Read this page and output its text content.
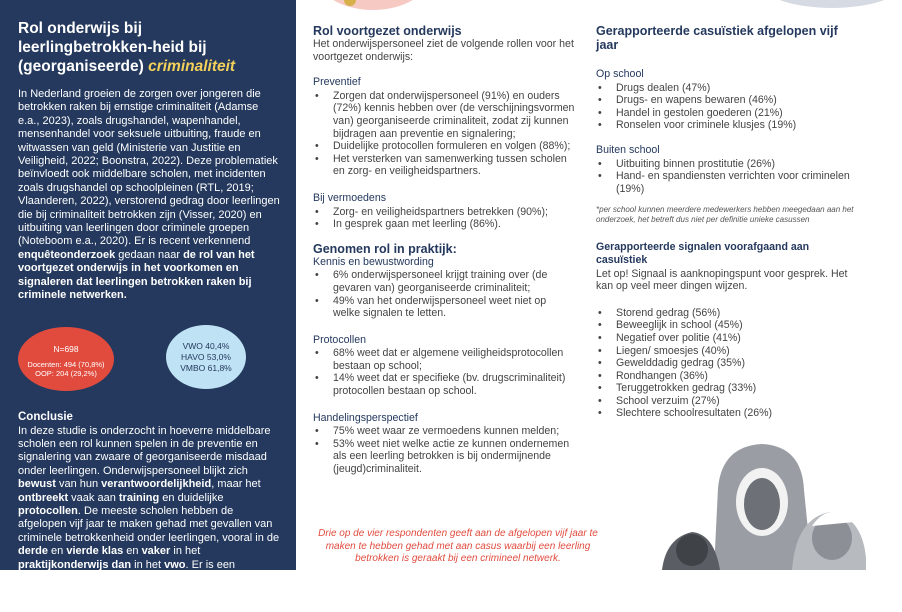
Rol onderwijs bij leerlingbetrokken-heid bij (georganiseerde) criminaliteit

In Nederland groeien de zorgen over jongeren die betrokken raken bij ernstige criminaliteit (Adamse e.a., 2023), zoals drugshandel, wapenhandel, mensenhandel voor seksuele uitbuiting, fraude en witwassen van geld (Ministerie van Justitie en Veiligheid, 2022; Boonstra, 2022). Deze problematiek beïnvloedt ook middelbare scholen, met incidenten zoals drugshandel op schoolpleinen (RTL, 2019; Vlaanderen, 2022), verstorend gedrag door leerlingen die bij criminaliteit betrokken zijn (Visser, 2020) en uitbuiting van leerlingen door criminele groepen (Noteboom e.a., 2020). Er is recent verkennend enquêteonderzoek gedaan naar de rol van het voortgezet onderwijs in het voorkomen en signaleren dat leerlingen betrokken raken bij criminele netwerken.

N=698
Docenten: 494 (70,8%)
OOP: 204 (29,2%)
VWO 40,4%
HAVO 53,0%
VMBO 61,8%
Conclusie

In deze studie is onderzocht in hoeverre middelbare scholen een rol kunnen spelen in de preventie en signalering van zwaare of georganiseerde misdaad onder leerlingen. Onderwijspersoneel blijkt zich bewust van hun verantwoordelijkheid, maar het ontbreekt vaak aan training en duidelijke protocollen. De meeste scholen hebben de afgelopen vijf jaar te maken gehad met gevallen van criminele betrokkenheid onder leerlingen, vooral in de derde en vierde klas en vaker in het praktijkonderwijs dan in het vwo. Er is een behoefte aan verdere training en samenwerking met veiligheidspartners om tijdig signalen te herkennen en op te volgen.

Rol voortgezet onderwijs
Het onderwijspersoneel ziet de volgende rollen voor het voortgezet onderwijs:
Preventief
• Zorgen dat onderwijspersoneel (91%) en ouders (72%) kennis hebben over (de verschijningsvormen van) georganiseerde criminaliteit, zodat zij kunnen bijdragen aan preventie en signalering;
• Duidelijke protocollen formuleren en volgen (88%);
• Het versterken van samenwerking tussen scholen en zorg- en veiligheidspartners.
Bij vermoedens
• Zorg- en veiligheidspartners betrekken (90%);
• In gesprek gaan met leerling (86%).
Genomen rol in praktijk:
Kennis en bewustwording
• 6% onderwijspersoneel krijgt training over (de gevaren van) georganiseerde criminaliteit;
• 49% van het onderwijspersoneel weet niet op welke signalen te letten.
Protocollen
• 68% weet dat er algemene veiligheidsprotocollen bestaan op school;
• 14% weet dat er specifieke (bv. drugscriminaliteit) protocollen bestaan op school.
Handelingsperspectief
• 75% weet waar ze vermoedens kunnen melden;
• 53% weet niet welke actie ze kunnen ondernemen als een leerling betrokken is bij ondermijnende (jeugd)criminaliteit.
Drie op de vier respondenten geeft aan de afgelopen vijf jaar te maken te hebben gehad met aan casus waarbij een leerling betrokken is geraakt bij een crimineel netwerk.
Gerapporteerde casuïstiek afgelopen vijf jaar
Op school
• Drugs dealen (47%)
• Drugs- en wapens bewaren (46%)
• Handel in gestolen goederen (21%)
• Ronselen voor criminele klusjes (19%)
Buiten school
• Uitbuiting binnen prostitutie (26%)
• Hand- en spandiensten verrichten voor criminelen (19%)
*per school kunnen meerdere medewerkers hebben meegedaan aan het onderzoek, het betreft dus niet per definitie unieke casussen
Gerapporteerde signalen voorafgaand aan casuïstiek
Let op! Signaal is aanknopingspunt voor gesprek. Het kan op veel meer dingen wijzen.
• Storend gedrag (56%)
• Beweeglijk in school (45%)
• Negatief over politie (41%)
• Liegen/ smoesjes (40%)
• Gewelddadig gedrag (35%)
• Rondhangen (36%)
• Teruggetrokken gedrag (33%)
• School verzuim (27%)
• Slechtere schoolresultaten (26%)
